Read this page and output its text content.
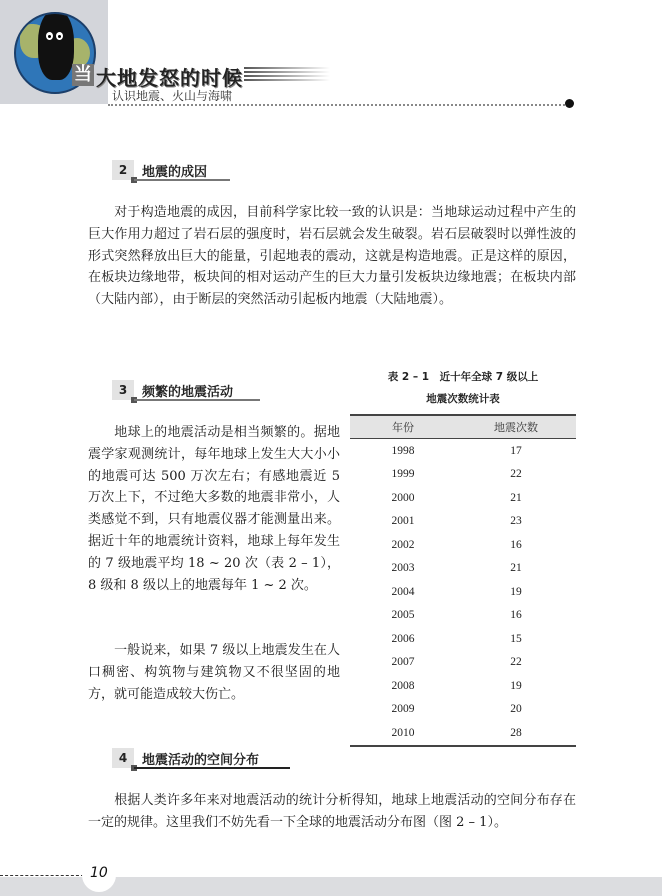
当 大地发怒的时候
认识地震、火山与海啸
2	地震的成因
对于构造地震的成因，目前科学家比较一致的认识是：当地球运动过程中产生的巨大作用力超过了岩石层的强度时，岩石层就会发生破裂。岩石层破裂时以弹性波的形式突然释放出巨大的能量，引起地表的震动，这就是构造地震。正是这样的原因，在板块边缘地带，板块间的相对运动产生的巨大力量引发板块边缘地震；在板块内部（大陆内部），由于断层的突然活动引起板内地震（大陆地震）。
3	频繁的地震活动
地球上的地震活动是相当频繁的。据地震学家观测统计，每年地球上发生大大小小的地震可达 500 万次左右；有感地震近 5 万次上下，不过绝大多数的地震非常小，人类感觉不到，只有地震仪器才能测量出来。据近十年的地震统计资料，地球上每年发生的 7 级地震平均 18 ~ 20 次（表 2 – 1），8 级和 8 级以上的地震每年 1 ~ 2 次。
一般说来，如果 7 级以上地震发生在人口稠密、构筑物与建筑物又不很坚固的地方，就可能造成较大伤亡。
表 2 – 1　近十年全球 7 级以上
地震次数统计表
年份	地震次数
1998	17
1999	22
2000	21
2001	23
2002	16
2003	21
2004	19
2005	16
2006	15
2007	22
2008	19
2009	20
2010	28
4	地震活动的空间分布
根据人类许多年来对地震活动的统计分析得知，地球上地震活动的空间分布存在一定的规律。这里我们不妨先看一下全球的地震活动分布图（图 2 – 1）。
10
